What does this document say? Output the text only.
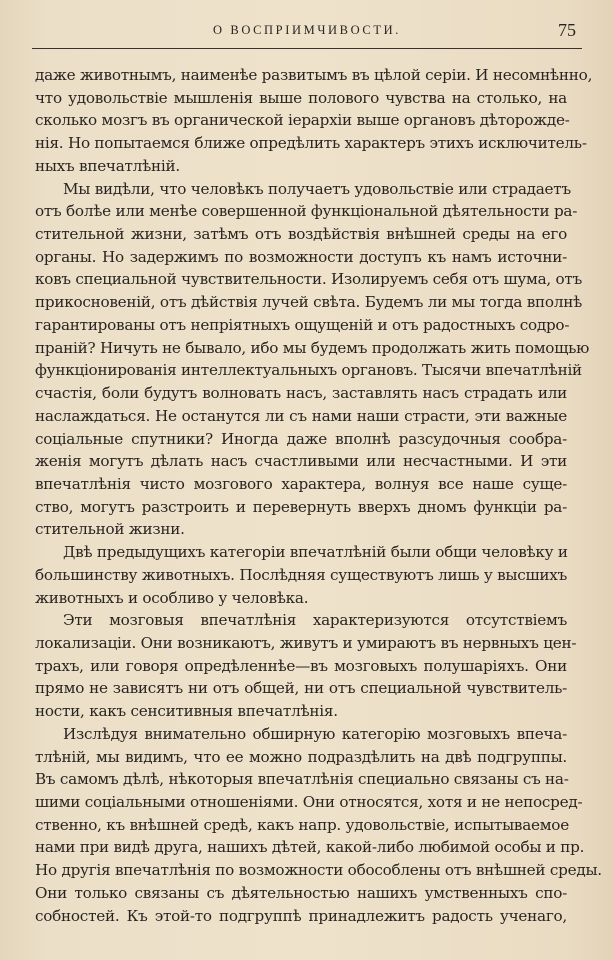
О ВОСПРІИМЧИВОСТИ.	75
даже животнымъ, наименѣе развитымъ въ цѣлой серіи. И несомнѣнно,
что удовольствіе мышленія выше полового чувства на столько, на
сколько мозгъ въ органической іерархіи выше органовъ дѣторожде-
нія. Но попытаемся ближе опредѣлить характеръ этихъ исключитель-
ныхъ впечатлѣній.
Мы видѣли, что человѣкъ получаетъ удовольствіе или страдаетъ
отъ болѣе или менѣе совершенной функціональной дѣятельности ра-
стительной жизни, затѣмъ отъ воздѣйствія внѣшней среды на его
органы. Но задержимъ по возможности доступъ къ намъ источни-
ковъ специальной чувствительности. Изолируемъ себя отъ шума, отъ
прикосновеній, отъ дѣйствія лучей свѣта. Будемъ ли мы тогда вполнѣ
гарантированы отъ непріятныхъ ощущеній и отъ радостныхъ содро-
праній? Ничуть не бывало, ибо мы будемъ продолжать жить помощью
функціонированія интеллектуальныхъ органовъ. Тысячи впечатлѣній
счастія, боли будутъ волновать насъ, заставлять насъ страдать или
наслаждаться. Не останутся ли съ нами наши страсти, эти важные
соціальные спутники? Иногда даже вполнѣ разсудочныя сообра-
женія могутъ дѣлать насъ счастливыми или несчастными. И эти
впечатлѣнія чисто мозгового характера, волнуя все наше суще-
ство, могутъ разстроить и перевернуть вверхъ дномъ функціи ра-
стительной жизни.
Двѣ предыдущихъ категоріи впечатлѣній были общи человѣку и
большинству животныхъ. Послѣдняя существуютъ лишь у высшихъ
животныхъ и особливо у человѣка.
Эти мозговыя впечатлѣнія характеризуются отсутствіемъ
локализаціи. Они возникаютъ, живутъ и умираютъ въ нервныхъ цен-
трахъ, или говоря опредѣленнѣе—въ мозговыхъ полушаріяхъ. Они
прямо не зависятъ ни отъ общей, ни отъ специальной чувствитель-
ности, какъ сенситивныя впечатлѣнія.
Изслѣдуя внимательно обширную категорію мозговыхъ впеча-
тлѣній, мы видимъ, что ее можно подраздѣлить на двѣ подгруппы.
Въ самомъ дѣлѣ, нѣкоторыя впечатлѣнія специально связаны съ на-
шими соціальными отношеніями. Они относятся, хотя и не непосред-
ственно, къ внѣшней средѣ, какъ напр. удовольствіе, испытываемое
нами при видѣ друга, нашихъ дѣтей, какой-либо любимой особы и пр.
Но другія впечатлѣнія по возможности обособлены отъ внѣшней среды.
Они только связаны съ дѣятельностью нашихъ умственныхъ спо-
собностей. Къ этой-то подгруппѣ принадлежитъ радость ученаго,
